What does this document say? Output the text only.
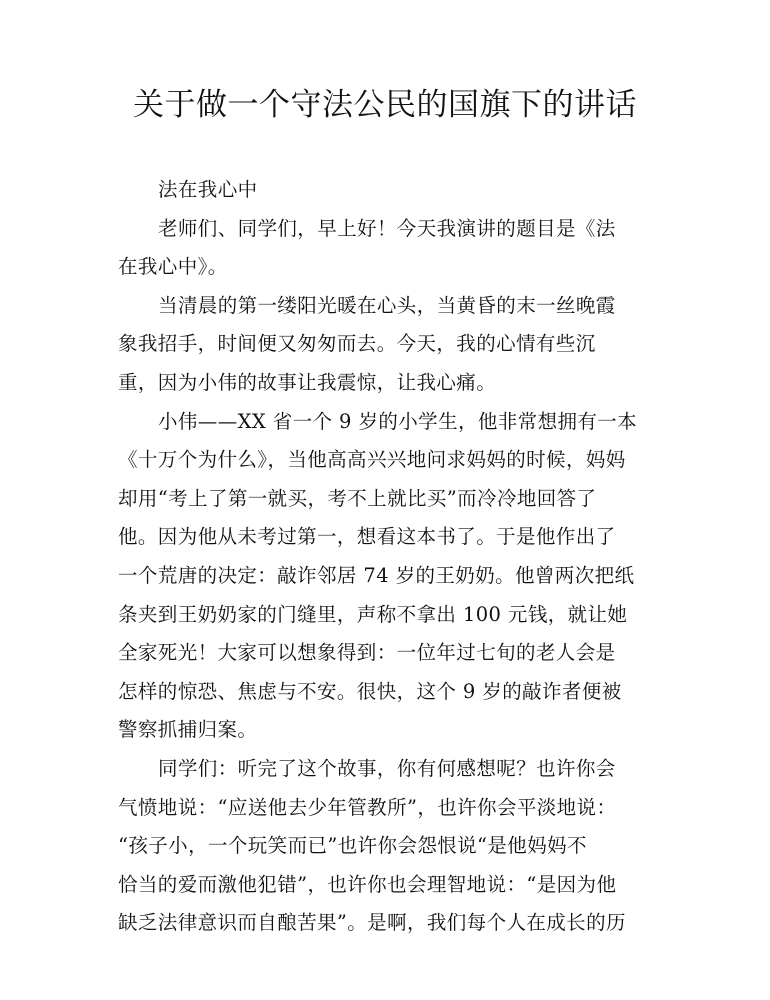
关于做一个守法公民的国旗下的讲话
法在我心中
老师们、同学们，早上好！今天我演讲的题目是《法
在我心中》。
当清晨的第一缕阳光暖在心头，当黄昏的末一丝晚霞
象我招手，时间便又匆匆而去。今天，我的心情有些沉
重，因为小伟的故事让我震惊，让我心痛。
小伟——XX 省一个 9 岁的小学生，他非常想拥有一本
《十万个为什么》，当他高高兴兴地问求妈妈的时候，妈妈
却用“考上了第一就买，考不上就比买”而冷冷地回答了
他。因为他从未考过第一，想看这本书了。于是他作出了
一个荒唐的决定：敲诈邻居 74 岁的王奶奶。他曾两次把纸
条夹到王奶奶家的门缝里，声称不拿出 100 元钱，就让她
全家死光！大家可以想象得到：一位年过七旬的老人会是
怎样的惊恐、焦虑与不安。很快，这个 9 岁的敲诈者便被
警察抓捕归案。
同学们：听完了这个故事，你有何感想呢？也许你会
气愤地说：“应送他去少年管教所”，也许你会平淡地说：
“孩子小，一个玩笑而已”也许你会怨恨说“是他妈妈不
恰当的爱而激他犯错”，也许你也会理智地说：“是因为他
缺乏法律意识而自酿苦果”。是啊，我们每个人在成长的历
